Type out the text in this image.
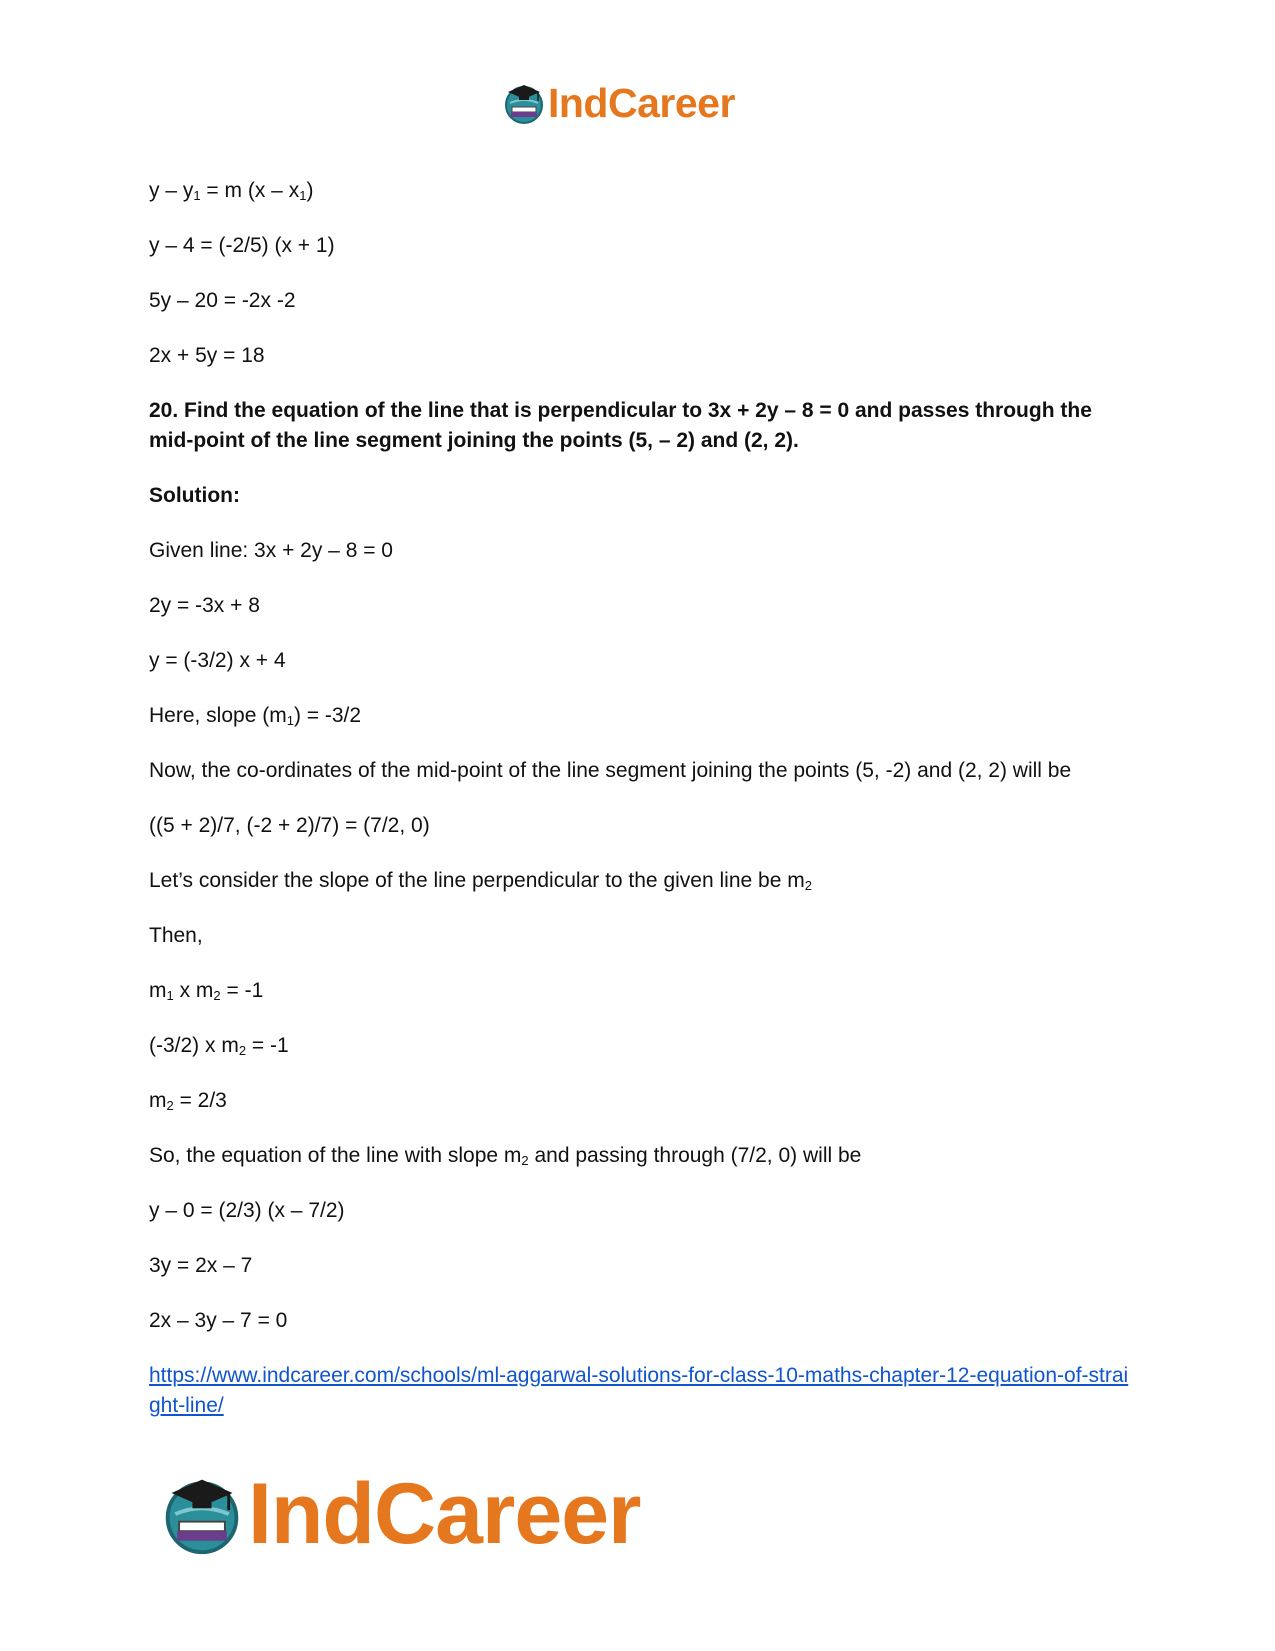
IndCareer

$y - y_1 = m$ $(x - x_1)$

y – 4 = (-2/5) (x + 1)

5y – 20 = -2x -2

2x + 5y = 18

20. Find the equation of the line that is perpendicular to 3x + 2y – 8 = 0 and passes through the mid-point of the line segment joining the points (5, – 2) and (2, 2).

Solution:

Given line: 3x + 2y – 8 = 0

2y = -3x + 8

y = (-3/2) x + 4

Here, slope $(m_1) = -3/2$

Now, the co-ordinates of the mid-point of the line segment joining the points (5, -2) and (2, 2) will be

((5 + 2)/7, (-2 + 2)/7) = (7/2, 0)

Let’s consider the slope of the line perpendicular to the given line be $m_2$

Then,

$m_1$ x $m_2 = -1$

(-3/2) x $m_2 = -1$

$m_2 = 2/3$

So, the equation of the line with slope $m_2$ and passing through (7/2, 0) will be

y – 0 = (2/3) (x – 7/2)

3y = 2x – 7

2x – 3y – 7 = 0

https://www.indcareer.com/schools/ml-aggarwal-solutions-for-class-10-maths-chapter-12-equation-of-straight-line/

IndCareer
